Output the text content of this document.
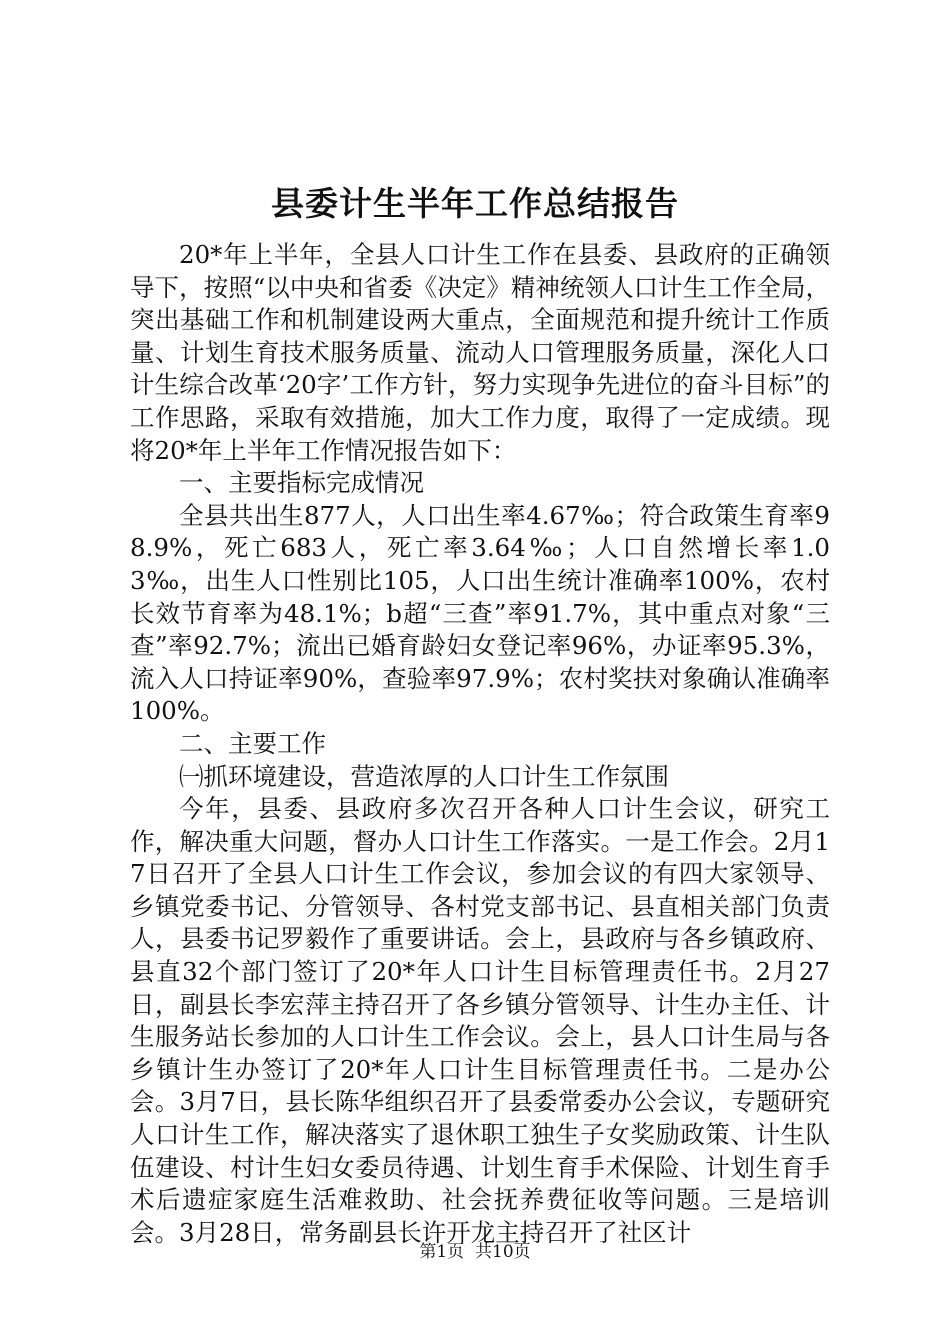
县委计生半年工作总结报告

20*年上半年，全县人口计生工作在县委、县政府的正确领导下，按照“以中央和省委《决定》精神统领人口计生工作全局，突出基础工作和机制建设两大重点，全面规范和提升统计工作质量、计划生育技术服务质量、流动人口管理服务质量，深化人口计生综合改革‘20字’工作方针，努力实现争先进位的奋斗目标”的工作思路，采取有效措施，加大工作力度，取得了一定成绩。现将20*年上半年工作情况报告如下：

一、主要指标完成情况

全县共出生877人，人口出生率4.67‰；符合政策生育率98.9%，死亡683人，死亡率3.64‰；人口自然增长率1.03‰，出生人口性别比105，人口出生统计准确率100%，农村长效节育率为48.1%；b超“三查”率91.7%，其中重点对象“三查”率92.7%；流出已婚育龄妇女登记率96%，办证率95.3%，流入人口持证率90%，查验率97.9%；农村奖扶对象确认准确率100%。

二、主要工作

㈠抓环境建设，营造浓厚的人口计生工作氛围

今年，县委、县政府多次召开各种人口计生会议，研究工作，解决重大问题，督办人口计生工作落实。一是工作会。2月17日召开了全县人口计生工作会议，参加会议的有四大家领导、乡镇党委书记、分管领导、各村党支部书记、县直相关部门负责人，县委书记罗毅作了重要讲话。会上，县政府与各乡镇政府、县直32个部门签订了20*年人口计生目标管理责任书。2月27日，副县长李宏萍主持召开了各乡镇分管领导、计生办主任、计生服务站长参加的人口计生工作会议。会上，县人口计生局与各乡镇计生办签订了20*年人口计生目标管理责任书。二是办公会。3月7日，县长陈华组织召开了县委常委办公会议，专题研究人口计生工作，解决落实了退休职工独生子女奖励政策、计生队伍建设、村计生妇女委员待遇、计划生育手术保险、计划生育手术后遗症家庭生活难救助、社会抚养费征收等问题。三是培训会。3月28日，常务副县长许开龙主持召开了社区计

第1页 共10页
